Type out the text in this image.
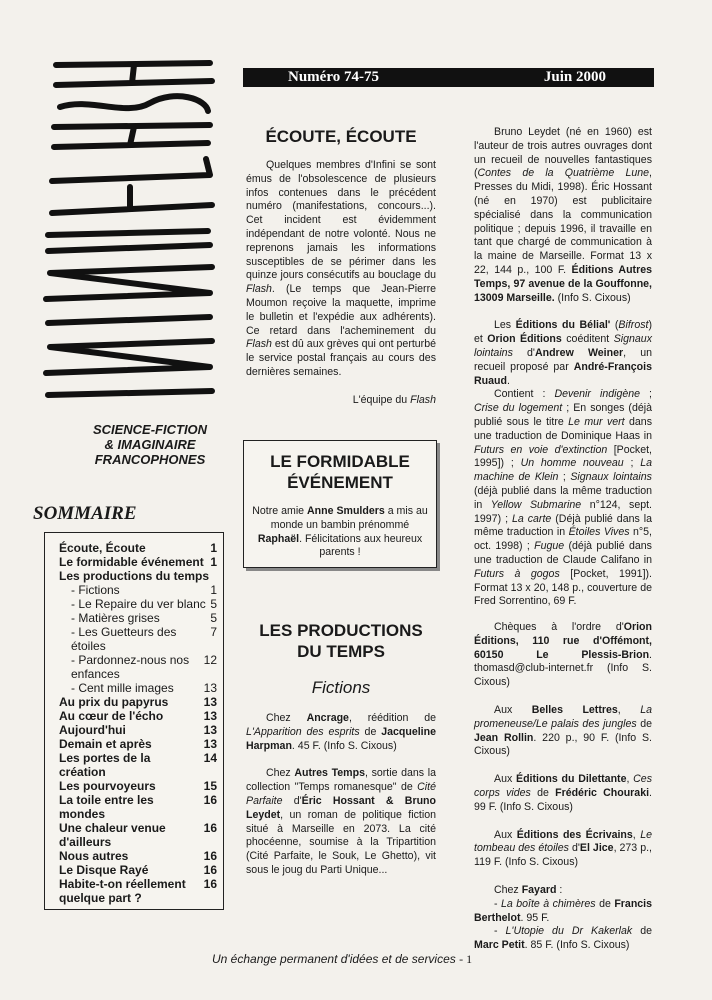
SCIENCE-FICTION
& IMAGINAIRE
FRANCOPHONES
SOMMAIRE
Écoute, Écoute	1
Le formidable événement 1
Les productions du temps
- Fictions	1
- Le Repaire du ver blanc 5
- Matières grises	5
- Les Guetteurs des étoiles
7
- Pardonnez-nous nos enfances
12
- Cent mille images	13
Au prix du papyrus	13
Au cœur de l'écho	13
Aujourd'hui	13
Demain et après	13
Les portes de la création
14
Les pourvoyeurs	15
La toile entre les mondes
16
Une chaleur venue d'ailleurs
16
Nous autres	16
Le Disque Rayé	16
Habite-t-on réellement quelque part ?
16
Numéro 74-75	Juin 2000
ÉCOUTE, ÉCOUTE

Quelques membres d'Infini se sont émus de l'obsolescence de plusieurs infos contenues dans le précédent numéro (manifestations, concours...). Cet incident est évidemment indépendant de notre volonté. Nous ne reprenons jamais les informations susceptibles de se périmer dans les quinze jours consécutifs au bouclage du Flash. (Le temps que Jean-Pierre Moumon reçoive la maquette, imprime le bulletin et l'expédie aux adhérents). Ce retard dans l'acheminement du Flash est dû aux grèves qui ont perturbé le service postal français au cours des dernières semaines.

L'équipe du Flash

LE FORMIDABLE
ÉVÉNEMENT

Notre amie Anne Smulders a mis au monde un bambin prénommé Raphaël. Félicitations aux heureux parents !

LES PRODUCTIONS
DU TEMPS

Fictions

Chez Ancrage, réédition de L'Apparition des esprits de Jacqueline Harpman. 45 F. (Info S. Cixous)

Chez Autres Temps, sortie dans la collection "Temps romanesque" de Cité Parfaite d'Éric Hossant & Bruno Leydet, un roman de politique fiction situé à Marseille en 2073. La cité phocéenne, soumise à la Tripartition (Cité Parfaite, le Souk, Le Ghetto), vit sous le joug du Parti Unique...

Bruno Leydet (né en 1960) est l'auteur de trois autres ouvrages dont un recueil de nouvelles fantastiques (Contes de la Quatrième Lune, Presses du Midi, 1998). Éric Hossant (né en 1970) est publicitaire spécialisé dans la communication politique ; depuis 1996, il travaille en tant que chargé de communication à la maine de Marseille. Format 13 x 22, 144 p., 100 F. Éditions Autres Temps, 97 avenue de la Gouffonne, 13009 Marseille. (Info S. Cixous)

Les Éditions du Bélial' (Bifrost) et Orion Éditions coéditent Signaux lointains d'Andrew Weiner, un recueil proposé par André-François Ruaud.

Contient : Devenir indigène ; Crise du logement ; En songes (déjà publié sous le titre Le mur vert dans une traduction de Dominique Haas in Futurs en voie d'extinction [Pocket, 1995]) ; Un homme nouveau ; La machine de Klein ; Signaux lointains (déjà publié dans la même traduction in Yellow Submarine n°124, sept. 1997) ; La carte (Déjà publié dans la même traduction in Étoiles Vives n°5, oct. 1998) ; Fugue (déjà publié dans une traduction de Claude Califano in Futurs à gogos [Pocket, 1991]). Format 13 x 20, 148 p., couverture de Fred Sorrentino, 69 F.

Chèques à l'ordre d'Orion Éditions, 110 rue d'Offémont, 60150 Le Plessis-Brion. thomasd@club-internet.fr (Info S. Cixous)

Aux Belles Lettres, La promeneuse/Le palais des jungles de Jean Rollin. 220 p., 90 F. (Info S. Cixous)

Aux Éditions du Dilettante, Ces corps vides de Frédéric Chouraki. 99 F. (Info S. Cixous)

Aux Éditions des Écrivains, Le tombeau des étoiles d'El Jice, 273 p., 119 F. (Info S. Cixous)

Chez Fayard :

- La boîte à chimères de Francis Berthelot. 95 F.

- L'Utopie du Dr Kakerlak de Marc Petit. 85 F. (Info S. Cixous)

Un échange permanent d'idées et de services - 1
